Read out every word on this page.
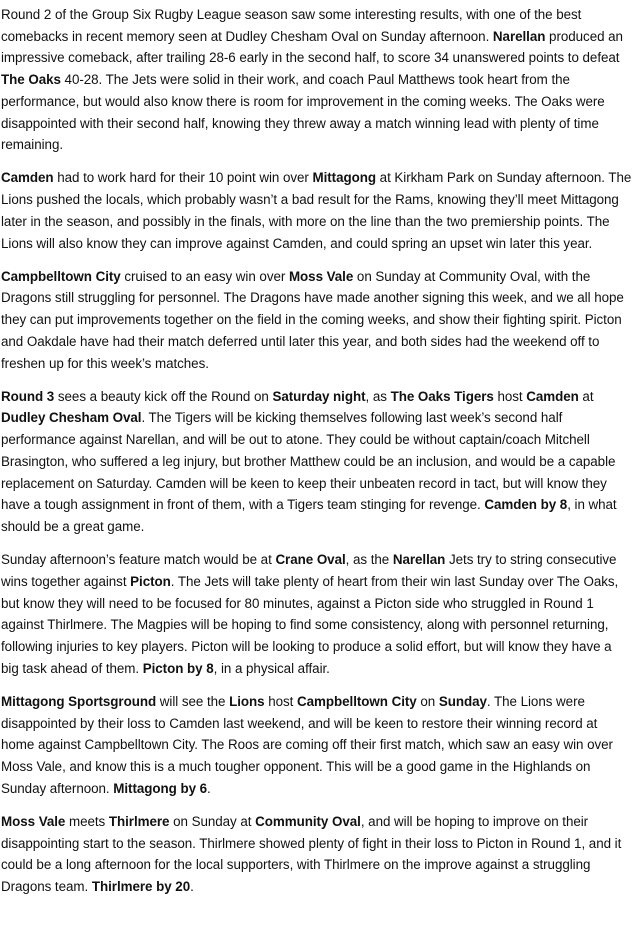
Round 2 of the Group Six Rugby League season saw some interesting results, with one of the best comebacks in recent memory seen at Dudley Chesham Oval on Sunday afternoon. Narellan produced an impressive comeback, after trailing 28-6 early in the second half, to score 34 unanswered points to defeat The Oaks 40-28. The Jets were solid in their work, and coach Paul Matthews took heart from the performance, but would also know there is room for improvement in the coming weeks. The Oaks were disappointed with their second half, knowing they threw away a match winning lead with plenty of time remaining.

Camden had to work hard for their 10 point win over Mittagong at Kirkham Park on Sunday afternoon. The Lions pushed the locals, which probably wasn’t a bad result for the Rams, knowing they’ll meet Mittagong later in the season, and possibly in the finals, with more on the line than the two premiership points. The Lions will also know they can improve against Camden, and could spring an upset win later this year.

Campbelltown City cruised to an easy win over Moss Vale on Sunday at Community Oval, with the Dragons still struggling for personnel. The Dragons have made another signing this week, and we all hope they can put improvements together on the field in the coming weeks, and show their fighting spirit. Picton and Oakdale have had their match deferred until later this year, and both sides had the weekend off to freshen up for this week’s matches.

Round 3 sees a beauty kick off the Round on Saturday night, as The Oaks Tigers host Camden at Dudley Chesham Oval. The Tigers will be kicking themselves following last week’s second half performance against Narellan, and will be out to atone. They could be without captain/coach Mitchell Brasington, who suffered a leg injury, but brother Matthew could be an inclusion, and would be a capable replacement on Saturday. Camden will be keen to keep their unbeaten record in tact, but will know they have a tough assignment in front of them, with a Tigers team stinging for revenge. Camden by 8, in what should be a great game.

Sunday afternoon’s feature match would be at Crane Oval, as the Narellan Jets try to string consecutive wins together against Picton. The Jets will take plenty of heart from their win last Sunday over The Oaks, but know they will need to be focused for 80 minutes, against a Picton side who struggled in Round 1 against Thirlmere. The Magpies will be hoping to find some consistency, along with personnel returning, following injuries to key players. Picton will be looking to produce a solid effort, but will know they have a big task ahead of them. Picton by 8, in a physical affair.

Mittagong Sportsground will see the Lions host Campbelltown City on Sunday. The Lions were disappointed by their loss to Camden last weekend, and will be keen to restore their winning record at home against Campbelltown City. The Roos are coming off their first match, which saw an easy win over Moss Vale, and know this is a much tougher opponent. This will be a good game in the Highlands on Sunday afternoon. Mittagong by 6.

Moss Vale meets Thirlmere on Sunday at Community Oval, and will be hoping to improve on their disappointing start to the season. Thirlmere showed plenty of fight in their loss to Picton in Round 1, and it could be a long afternoon for the local supporters, with Thirlmere on the improve against a struggling Dragons team. Thirlmere by 20.
